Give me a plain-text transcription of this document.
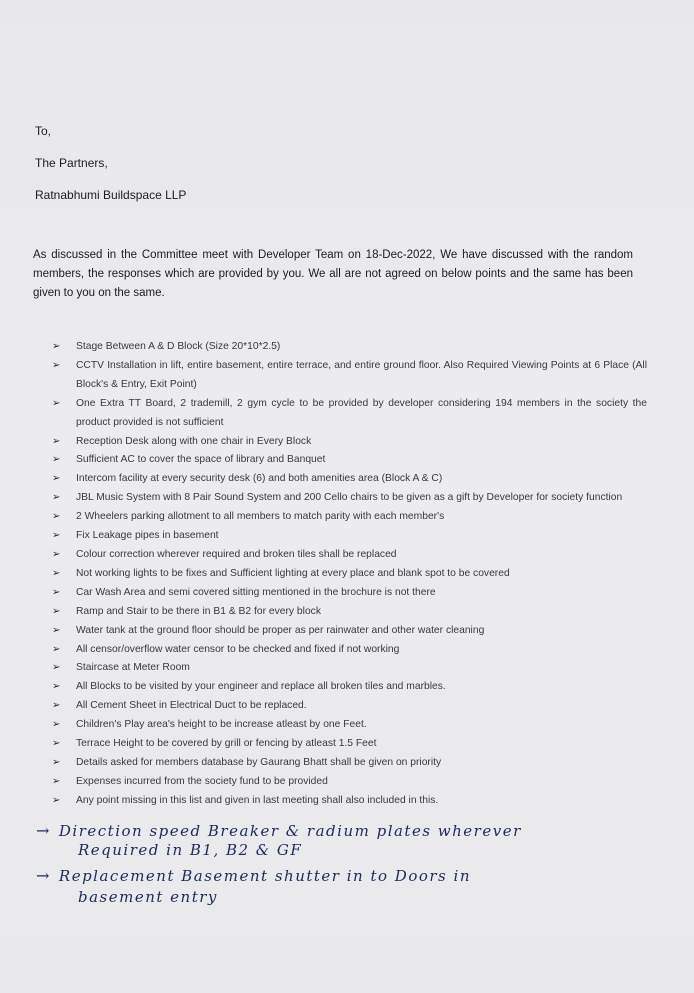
To,
The Partners,
Ratnabhumi Buildspace LLP

As discussed in the Committee meet with Developer Team on 18-Dec-2022, We have discussed with the random members, the responses which are provided by you. We all are not agreed on below points and the same has been given to you on the same.

➢ Stage Between A & D Block (Size 20*10*2.5)
➢ CCTV Installation in lift, entire basement, entire terrace, and entire ground floor. Also Required Viewing Points at 6 Place (All Block's & Entry, Exit Point)
➢ One Extra TT Board, 2 trademill, 2 gym cycle to be provided by developer considering 194 members in the society the product provided is not sufficient
➢ Reception Desk along with one chair in Every Block
➢ Sufficient AC to cover the space of library and Banquet
➢ Intercom facility at every security desk (6) and both amenities area (Block A & C)
➢ JBL Music System with 8 Pair Sound System and 200 Cello chairs to be given as a gift by Developer for society function
➢ 2 Wheelers parking allotment to all members to match parity with each member's
➢ Fix Leakage pipes in basement
➢ Colour correction wherever required and broken tiles shall be replaced
➢ Not working lights to be fixes and Sufficient lighting at every place and blank spot to be covered
➢ Car Wash Area and semi covered sitting mentioned in the brochure is not there
➢ Ramp and Stair to be there in B1 & B2 for every block
➢ Water tank at the ground floor should be proper as per rainwater and other water cleaning
➢ All censor/overflow water censor to be checked and fixed if not working
➢ Staircase at Meter Room
➢ All Blocks to be visited by your engineer and replace all broken tiles and marbles.
➢ All Cement Sheet in Electrical Duct to be replaced.
➢ Children's Play area's height to be increase atleast by one Feet.
➢ Terrace Height to be covered by grill or fencing by atleast 1.5 Feet
➢ Details asked for members database by Gaurang Bhatt shall be given on priority
➢ Expenses incurred from the society fund to be provided
➢ Any point missing in this list and given in last meeting shall also included in this.
→ Direction speed Breaker & radium plates wherever
Required in B1, B2 & GF
→ Replacement Basement shutter in to Doors in
basement entry
